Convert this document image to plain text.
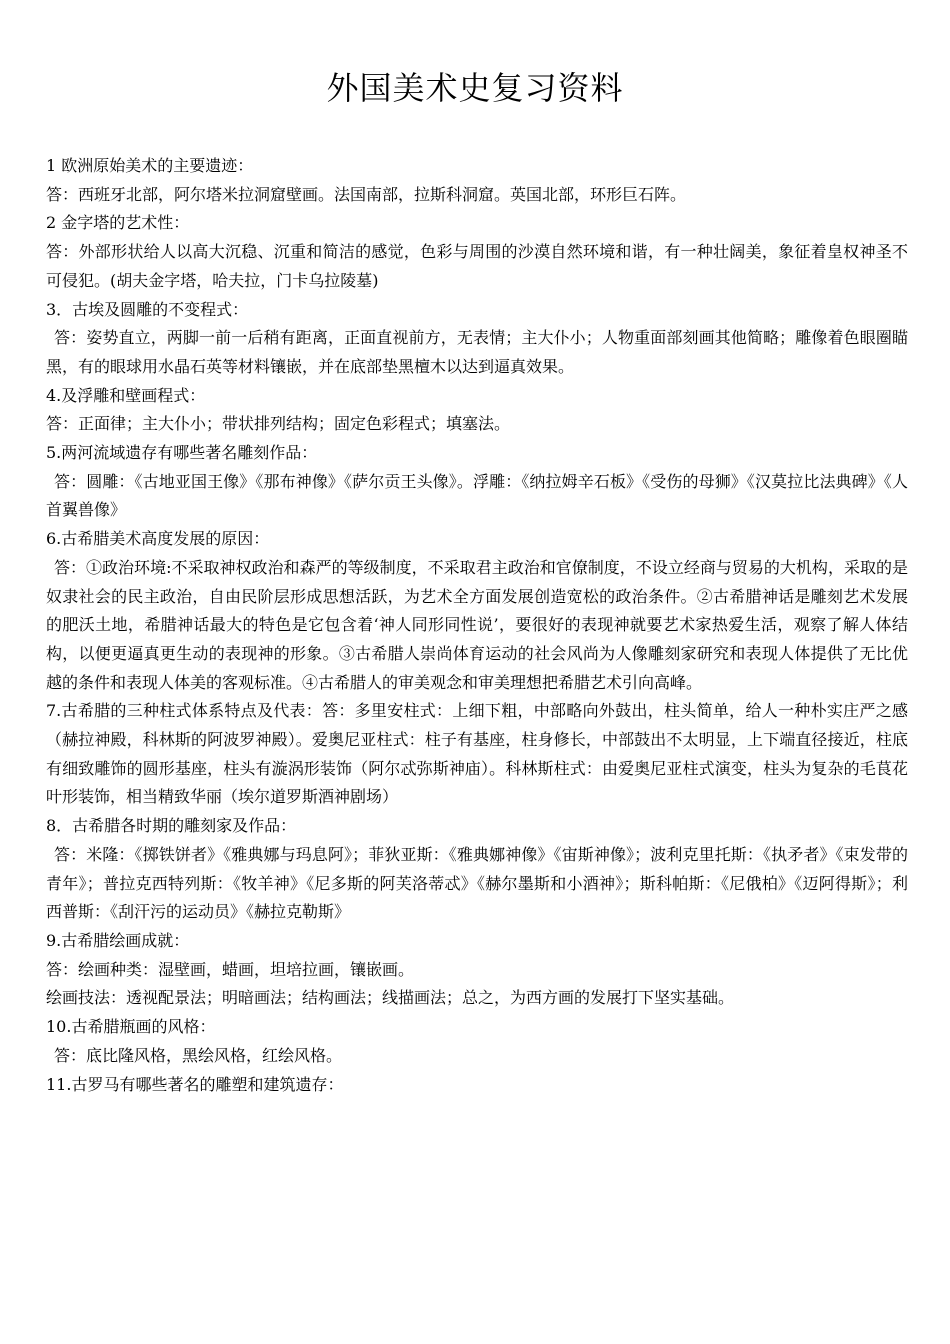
外国美术史复习资料

1 欧洲原始美术的主要遗迹：

答：西班牙北部，阿尔塔米拉洞窟壁画。法国南部，拉斯科洞窟。英国北部，环形巨石阵。

2 金字塔的艺术性：

答：外部形状给人以高大沉稳、沉重和简洁的感觉，色彩与周围的沙漠自然环境和谐，有一种壮阔美，象征着皇权神圣不可侵犯。(胡夫金字塔，哈夫拉，门卡乌拉陵墓)

3．古埃及圆雕的不变程式：

答：姿势直立，两脚一前一后稍有距离，正面直视前方，无表情；主大仆小；人物重面部刻画其他简略；雕像着色眼圈瞄黑，有的眼球用水晶石英等材料镶嵌，并在底部垫黑檀木以达到逼真效果。

4.及浮雕和壁画程式：

答：正面律；主大仆小；带状排列结构；固定色彩程式；填塞法。

5.两河流域遗存有哪些著名雕刻作品：

答：圆雕：《古地亚国王像》《那布神像》《萨尔贡王头像》。浮雕：《纳拉姆辛石板》《受伤的母狮》《汉莫拉比法典碑》《人首翼兽像》

6.古希腊美术高度发展的原因：

答：①政治环境:不采取神权政治和森严的等级制度，不采取君主政治和官僚制度，不设立经商与贸易的大机构，采取的是奴隶社会的民主政治，自由民阶层形成思想活跃，为艺术全方面发展创造宽松的政治条件。②古希腊神话是雕刻艺术发展的肥沃土地，希腊神话最大的特色是它包含着‘神人同形同性说’，要很好的表现神就要艺术家热爱生活，观察了解人体结构，以便更逼真更生动的表现神的形象。③古希腊人崇尚体育运动的社会风尚为人像雕刻家研究和表现人体提供了无比优越的条件和表现人体美的客观标准。④古希腊人的审美观念和审美理想把希腊艺术引向高峰。

7.古希腊的三种柱式体系特点及代表：答：多里安柱式：上细下粗，中部略向外鼓出，柱头简单，给人一种朴实庄严之感（赫拉神殿，科林斯的阿波罗神殿）。爱奥尼亚柱式：柱子有基座，柱身修长，中部鼓出不太明显，上下端直径接近，柱底有细致雕饰的圆形基座，柱头有漩涡形装饰（阿尔忒弥斯神庙）。科林斯柱式：由爱奥尼亚柱式演变，柱头为复杂的毛茛花叶形装饰，相当精致华丽（埃尔道罗斯酒神剧场）

8．古希腊各时期的雕刻家及作品：

答：米隆：《掷铁饼者》《雅典娜与玛息阿》；菲狄亚斯：《雅典娜神像》《宙斯神像》；波利克里托斯：《执矛者》《束发带的青年》；普拉克西特列斯：《牧羊神》《尼多斯的阿芙洛蒂忒》《赫尔墨斯和小酒神》；斯科帕斯：《尼俄柏》《迈阿得斯》；利西普斯：《刮汗污的运动员》《赫拉克勒斯》

9.古希腊绘画成就：

答：绘画种类：湿壁画，蜡画，坦培拉画，镶嵌画。

绘画技法：透视配景法；明暗画法；结构画法；线描画法；总之，为西方画的发展打下坚实基础。

10.古希腊瓶画的风格：

答：底比隆风格，黑绘风格，红绘风格。

11.古罗马有哪些著名的雕塑和建筑遗存：
